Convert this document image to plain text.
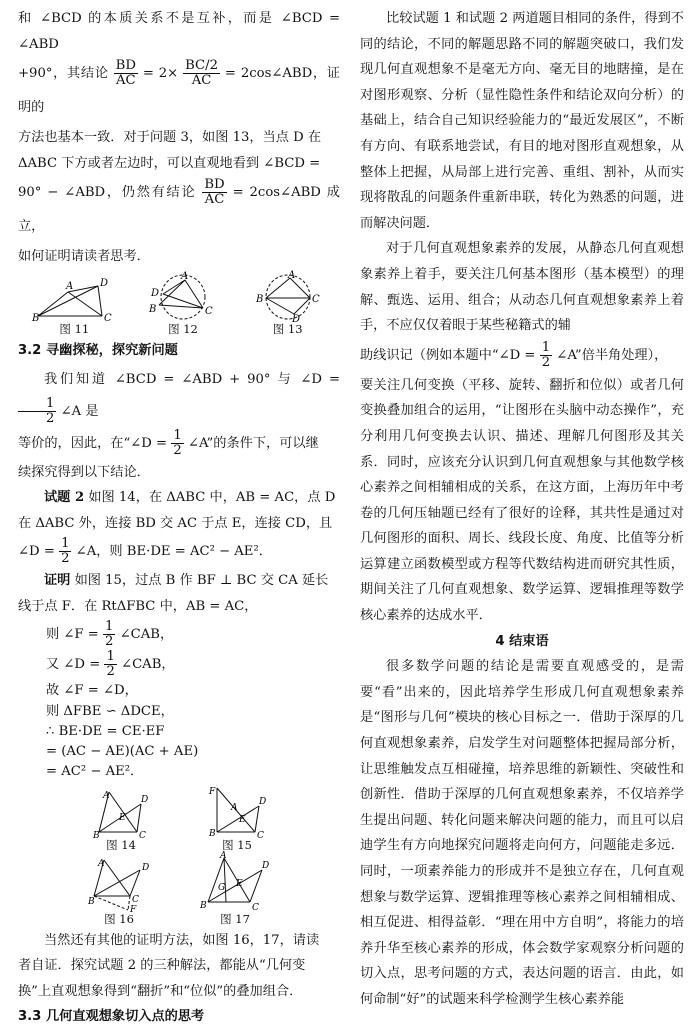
和 ∠BCD 的本质关系不是互补，而是 ∠BCD = ∠ABD

+90°，其结论 $\frac{BD}{AC} = 2\times \frac{BC/2}{AC}$ = 2cos∠ABD，证明的

方法也基本一致．对于问题 3，如图 13，当点 D 在

ΔABC 下方或者左边时，可以直观地看到 ∠BCD =

90° − ∠ABD，仍然有结论 $\frac{BD}{AC}$ = 2cos∠ABD 成立，

如何证明请读者思考．

B
A	D
C
图 11
A
D
B	C
图 12
A
B	C
D
图 13

3.2 寻幽探秘，探究新问题

我们知道 ∠BCD = ∠ABD + 90° 与 ∠D =
$\frac{1}{2}$ ∠A 是

等价的，因此，在“∠D = $\frac{1}{2}$ ∠A”的条件下，可以继

续探究得到以下结论．

试题 2 如图 14，在 ΔABC 中，AB = AC，点 D

在 ΔABC 外，连接 BD 交 AC 于点 E，连接 CD，且

∠D = $\frac{1}{2}$ ∠A，则 BE·DE = AC² − AE²．

证明 如图 15，过点 B 作 BF ⊥ BC 交 CA 延长

线于点 F．在 RtΔFBC 中，AB = AC，

则 ∠F = $\frac{1}{2}$ ∠CAB，

又 ∠D = $\frac{1}{2}$ ∠CAB，

故 ∠F = ∠D，

则 ΔFBE ∽ ΔDCE，

∴ BE·DE = CE·EF

= (AC − AE)(AC + AE)

= AC² − AE²．

A
B	C
D
E
图 14
F
A
B	C
D
E
图 15
A
B	C
D
F
图 16
A
B	C
D
E
G
图 17

当然还有其他的证明方法，如图 16，17，请读

者自证．探究试题 2 的三种解法，都能从“几何变

换”上直观想象得到“翻折”和“位似”的叠加组合．

3.3 几何直观想象切入点的思考

比较试题 1 和试题 2 两道题目相同的条件，得到不同的结论，不同的解题思路不同的解题突破口，我们发现几何直观想象不是毫无方向、毫无目的地瞎撞，是在对图形观察、分析（显性隐性条件和结论双向分析）的基础上，结合自己知识经验能力的“最近发展区”，不断有方向、有联系地尝试，有目的地对图形直观想象，从整体上把握，从局部上进行完善、重组、割补，从而实现将散乱的问题条件重新串联，转化为熟悉的问题，进而解决问题．

对于几何直观想象素养的发展，从静态几何直观想象素养上着手，要关注几何基本图形（基本模型）的理解、甄选、运用、组合；从动态几何直观想象素养上着手，不应仅仅着眼于某些秘籍式的辅

助线识记（例如本题中“∠D = $\frac{1}{2}$ ∠A”倍半角处理），

要关注几何变换（平移、旋转、翻折和位似）或者几何变换叠加组合的运用，“让图形在头脑中动态操作”，充分利用几何变换去认识、描述、理解几何图形及其关系．同时，应该充分认识到几何直观想象与其他数学核心素养之间相辅相成的关系，在这方面，上海历年中考卷的几何压轴题已经有了很好的诠释，其共性是通过对几何图形的面积、周长、线段长度、角度、比值等分析运算建立函数模型或方程等代数结构进而研究其性质，期间关注了几何直观想象、数学运算、逻辑推理等数学核心素养的达成水平．

4 结束语

很多数学问题的结论是需要直观感受的，是需要“看”出来的，因此培养学生形成几何直观想象素养是“图形与几何”模块的核心目标之一．借助于深厚的几何直观想象素养，启发学生对问题整体把握局部分析，让思维触发点互相碰撞，培养思维的新颖性、突破性和创新性．借助于深厚的几何直观想象素养，不仅培养学生提出问题、转化问题来解决问题的能力，而且可以启迪学生有方向地探究问题将走向何方，问题能走多远．同时，一项素养能力的形成并不是独立存在，几何直观想象与数学运算、逻辑推理等核心素养之间相辅相成、相互促进、相得益彰．“理在用中方自明”，将能力的培养升华至核心素养的形成，体会数学家观察分析问题的切入点，思考问题的方式，表达问题的语言．由此，如何命制“好”的试题来科学检测学生核心素养能
